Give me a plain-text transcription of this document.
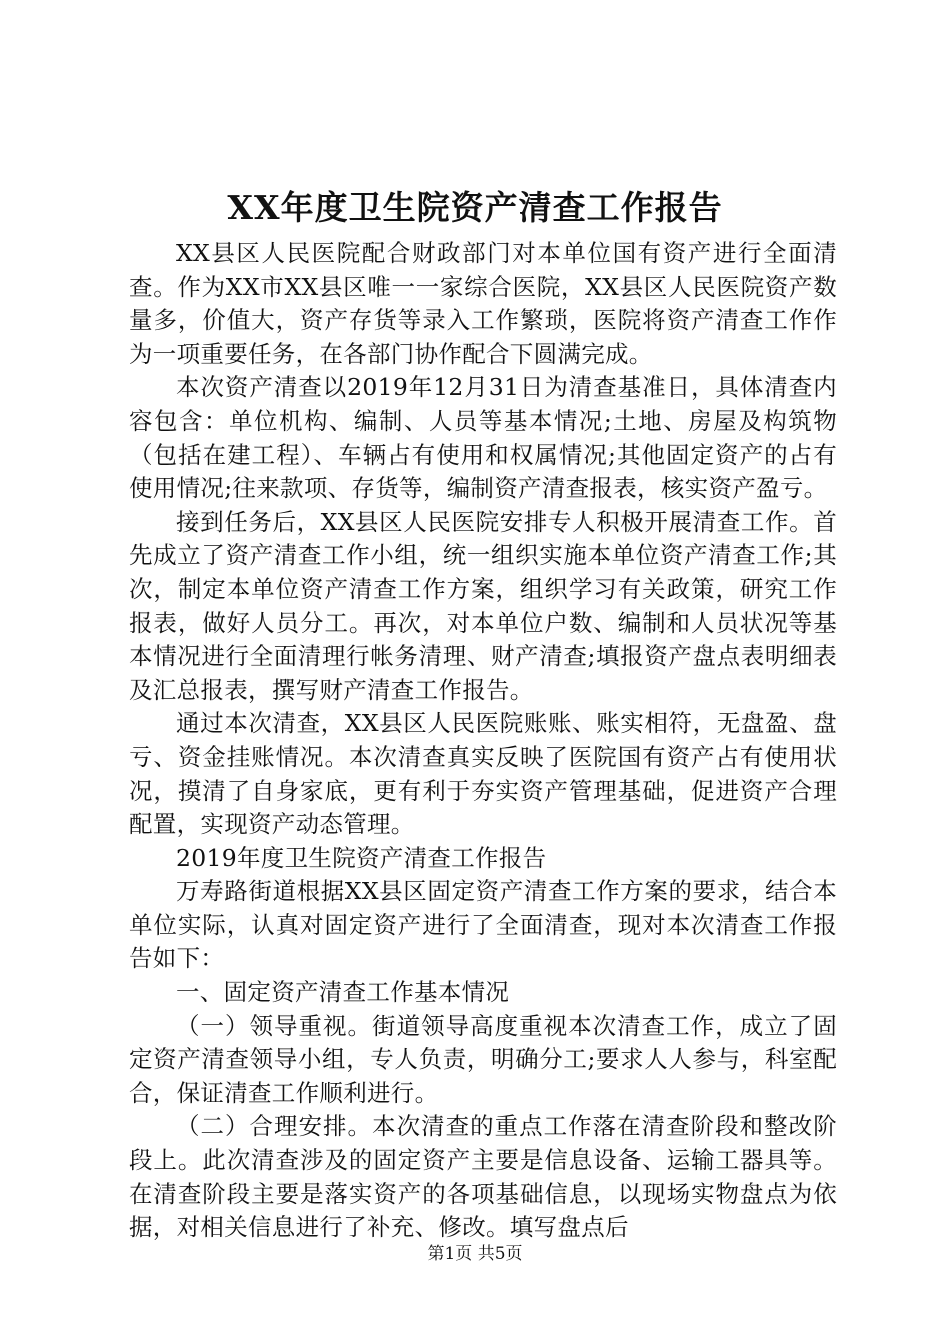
XX年度卫生院资产清查工作报告

XX县区人民医院配合财政部门对本单位国有资产进行全面清查。作为XX市XX县区唯一一家综合医院，XX县区人民医院资产数量多，价值大，资产存货等录入工作繁琐，医院将资产清查工作作为一项重要任务，在各部门协作配合下圆满完成。

本次资产清查以2019年12月31日为清查基准日，具体清查内容包含：单位机构、编制、人员等基本情况;土地、房屋及构筑物（包括在建工程）、车辆占有使用和权属情况;其他固定资产的占有使用情况;往来款项、存货等，编制资产清查报表，核实资产盈亏。

接到任务后，XX县区人民医院安排专人积极开展清查工作。首先成立了资产清查工作小组，统一组织实施本单位资产清查工作;其次，制定本单位资产清查工作方案，组织学习有关政策，研究工作报表，做好人员分工。再次，对本单位户数、编制和人员状况等基本情况进行全面清理行帐务清理、财产清查;填报资产盘点表明细表及汇总报表，撰写财产清查工作报告。

通过本次清查，XX县区人民医院账账、账实相符，无盘盈、盘亏、资金挂账情况。本次清查真实反映了医院国有资产占有使用状况，摸清了自身家底，更有利于夯实资产管理基础，促进资产合理配置，实现资产动态管理。

2019年度卫生院资产清查工作报告

万寿路街道根据XX县区固定资产清查工作方案的要求，结合本单位实际，认真对固定资产进行了全面清查，现对本次清查工作报告如下：

一、固定资产清查工作基本情况

（一）领导重视。街道领导高度重视本次清查工作，成立了固定资产清查领导小组，专人负责，明确分工;要求人人参与，科室配合，保证清查工作顺利进行。

（二）合理安排。本次清查的重点工作落在清查阶段和整改阶段上。此次清查涉及的固定资产主要是信息设备、运输工器具等。在清查阶段主要是落实资产的各项基础信息，以现场实物盘点为依据，对相关信息进行了补充、修改。填写盘点后

第1页 共5页
